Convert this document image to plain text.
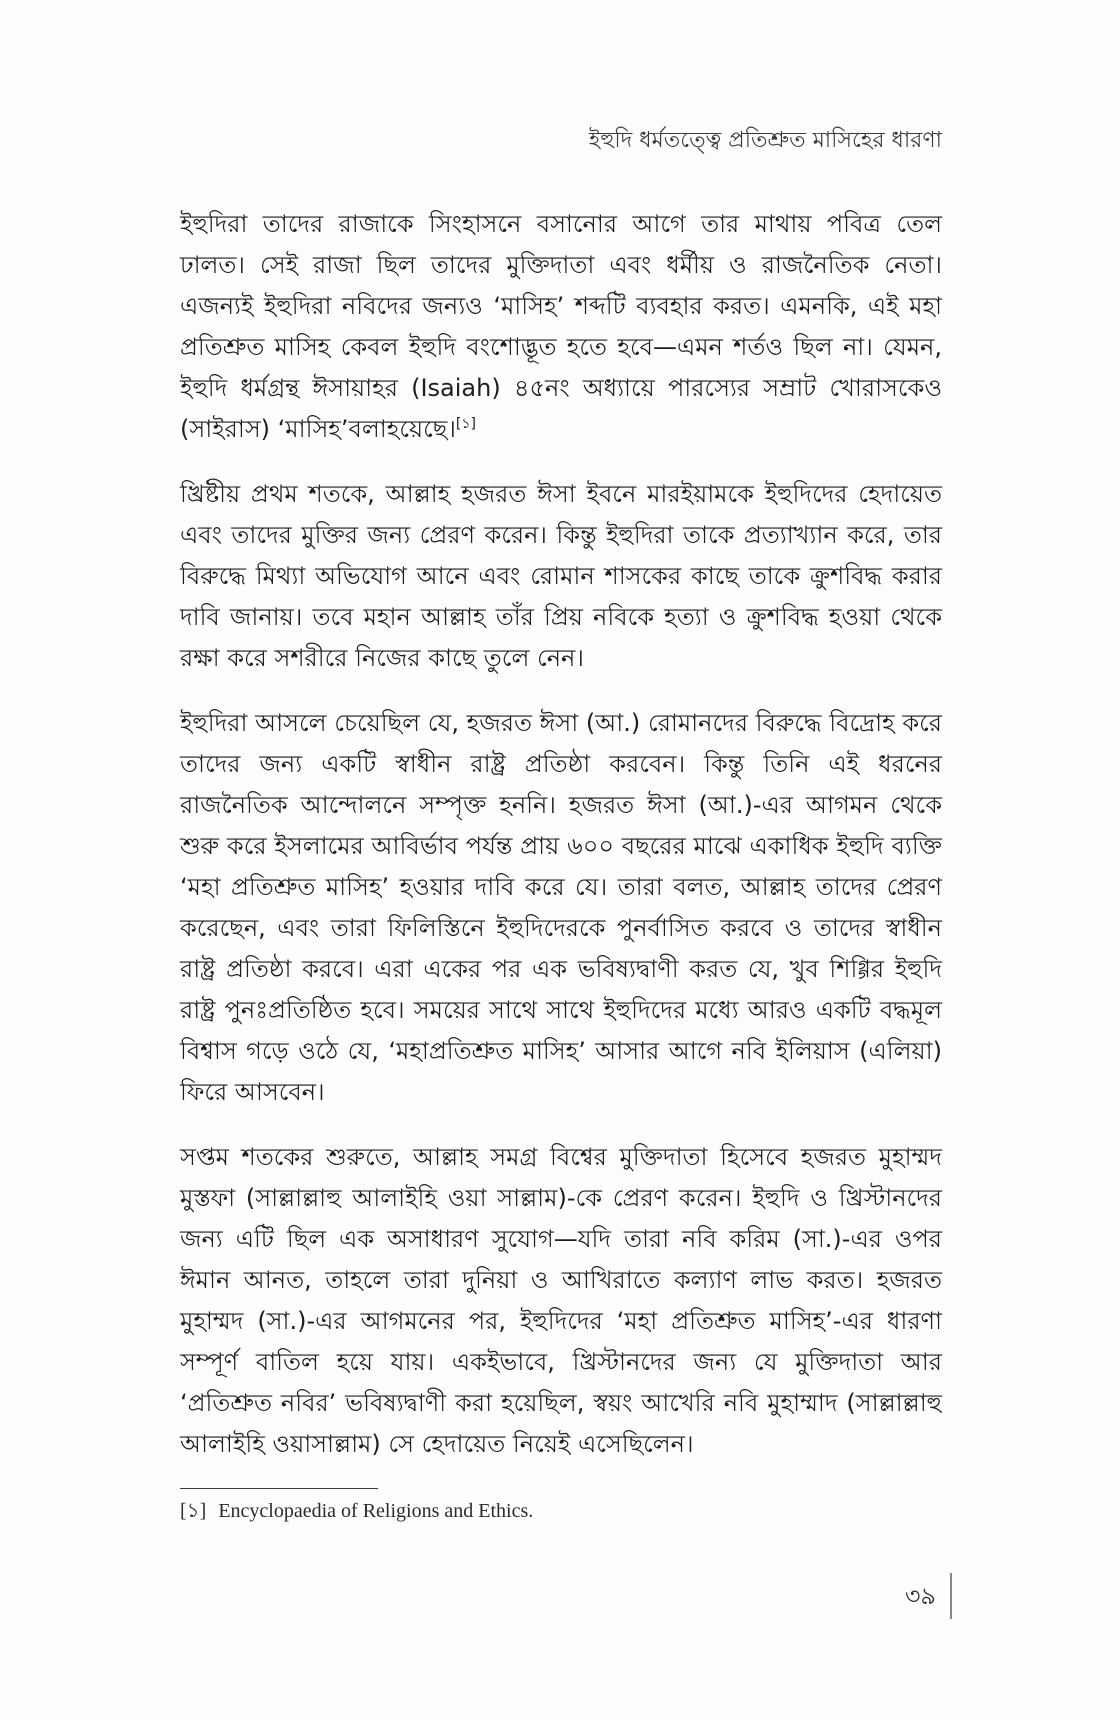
ইহুদি ধর্মতত্ত্বে প্রতিশ্রুত মাসিহের ধারণা

ইহুদিরা তাদের রাজাকে সিংহাসনে বসানোর আগে তার মাথায় পবিত্র তেল ঢালত। সেই রাজা ছিল তাদের মুক্তিদাতা এবং ধর্মীয় ও রাজনৈতিক নেতা। এজন্যই ইহুদিরা নবিদের জন্যও ‘মাসিহ’ শব্দটি ব্যবহার করত। এমনকি, এই মহা প্রতিশ্রুত মাসিহ কেবল ইহুদি বংশোদ্ভূত হতে হবে—এমন শর্তও ছিল না। যেমন, ইহুদি ধর্মগ্রন্থ ঈসায়াহর (Isaiah) ৪৫নং অধ্যায়ে পারস্যের সম্রাট খোরাসকেও (সাইরাস) ‘মাসিহ’বলাহয়েছে।[১]

খ্রিষ্টীয় প্রথম শতকে, আল্লাহ হজরত ঈসা ইবনে মারইয়ামকে ইহুদিদের হেদায়েত এবং তাদের মুক্তির জন্য প্রেরণ করেন। কিন্তু ইহুদিরা তাকে প্রত্যাখ্যান করে, তার বিরুদ্ধে মিথ্যা অভিযোগ আনে এবং রোমান শাসকের কাছে তাকে ক্রুশবিদ্ধ করার দাবি জানায়। তবে মহান আল্লাহ তাঁর প্রিয় নবিকে হত্যা ও ক্রুশবিদ্ধ হওয়া থেকে রক্ষা করে সশরীরে নিজের কাছে তুলে নেন।

ইহুদিরা আসলে চেয়েছিল যে, হজরত ঈসা (আ.) রোমানদের বিরুদ্ধে বিদ্রোহ করে তাদের জন্য একটি স্বাধীন রাষ্ট্র প্রতিষ্ঠা করবেন। কিন্তু তিনি এই ধরনের রাজনৈতিক আন্দোলনে সম্পৃক্ত হননি। হজরত ঈসা (আ.)-এর আগমন থেকে শুরু করে ইসলামের আবির্ভাব পর্যন্ত প্রায় ৬০০ বছরের মাঝে একাধিক ইহুদি ব্যক্তি ‘মহা প্রতিশ্রুত মাসিহ’ হওয়ার দাবি করে যে। তারা বলত, আল্লাহ তাদের প্রেরণ করেছেন, এবং তারা ফিলিস্তিনে ইহুদিদেরকে পুনর্বাসিত করবে ও তাদের স্বাধীন রাষ্ট্র প্রতিষ্ঠা করবে। এরা একের পর এক ভবিষ্যদ্বাণী করত যে, খুব শিগ্গির ইহুদি রাষ্ট্র পুনঃপ্রতিষ্ঠিত হবে। সময়ের সাথে সাথে ইহুদিদের মধ্যে আরও একটি বদ্ধমূল বিশ্বাস গড়ে ওঠে যে, ‘মহাপ্রতিশ্রুত মাসিহ’ আসার আগে নবি ইলিয়াস (এলিয়া) ফিরে আসবেন।

সপ্তম শতকের শুরুতে, আল্লাহ সমগ্র বিশ্বের মুক্তিদাতা হিসেবে হজরত মুহাম্মদ মুস্তফা (সাল্লাল্লাহু আলাইহি ওয়া সাল্লাম)-কে প্রেরণ করেন। ইহুদি ও খ্রিস্টানদের জন্য এটি ছিল এক অসাধারণ সুযোগ—যদি তারা নবি করিম (সা.)-এর ওপর ঈমান আনত, তাহলে তারা দুনিয়া ও আখিরাতে কল্যাণ লাভ করত। হজরত মুহাম্মদ (সা.)-এর আগমনের পর, ইহুদিদের ‘মহা প্রতিশ্রুত মাসিহ’-এর ধারণা সম্পূর্ণ বাতিল হয়ে যায়। একইভাবে, খ্রিস্টানদের জন্য যে মুক্তিদাতা আর ‘প্রতিশ্রুত নবির’ ভবিষ্যদ্বাণী করা হয়েছিল, স্বয়ং আখেরি নবি মুহাম্মাদ (সাল্লাল্লাহু আলাইহি ওয়াসাল্লাম) সে হেদায়েত নিয়েই এসেছিলেন।

[১] Encyclopaedia of Religions and Ethics.
৩৯
